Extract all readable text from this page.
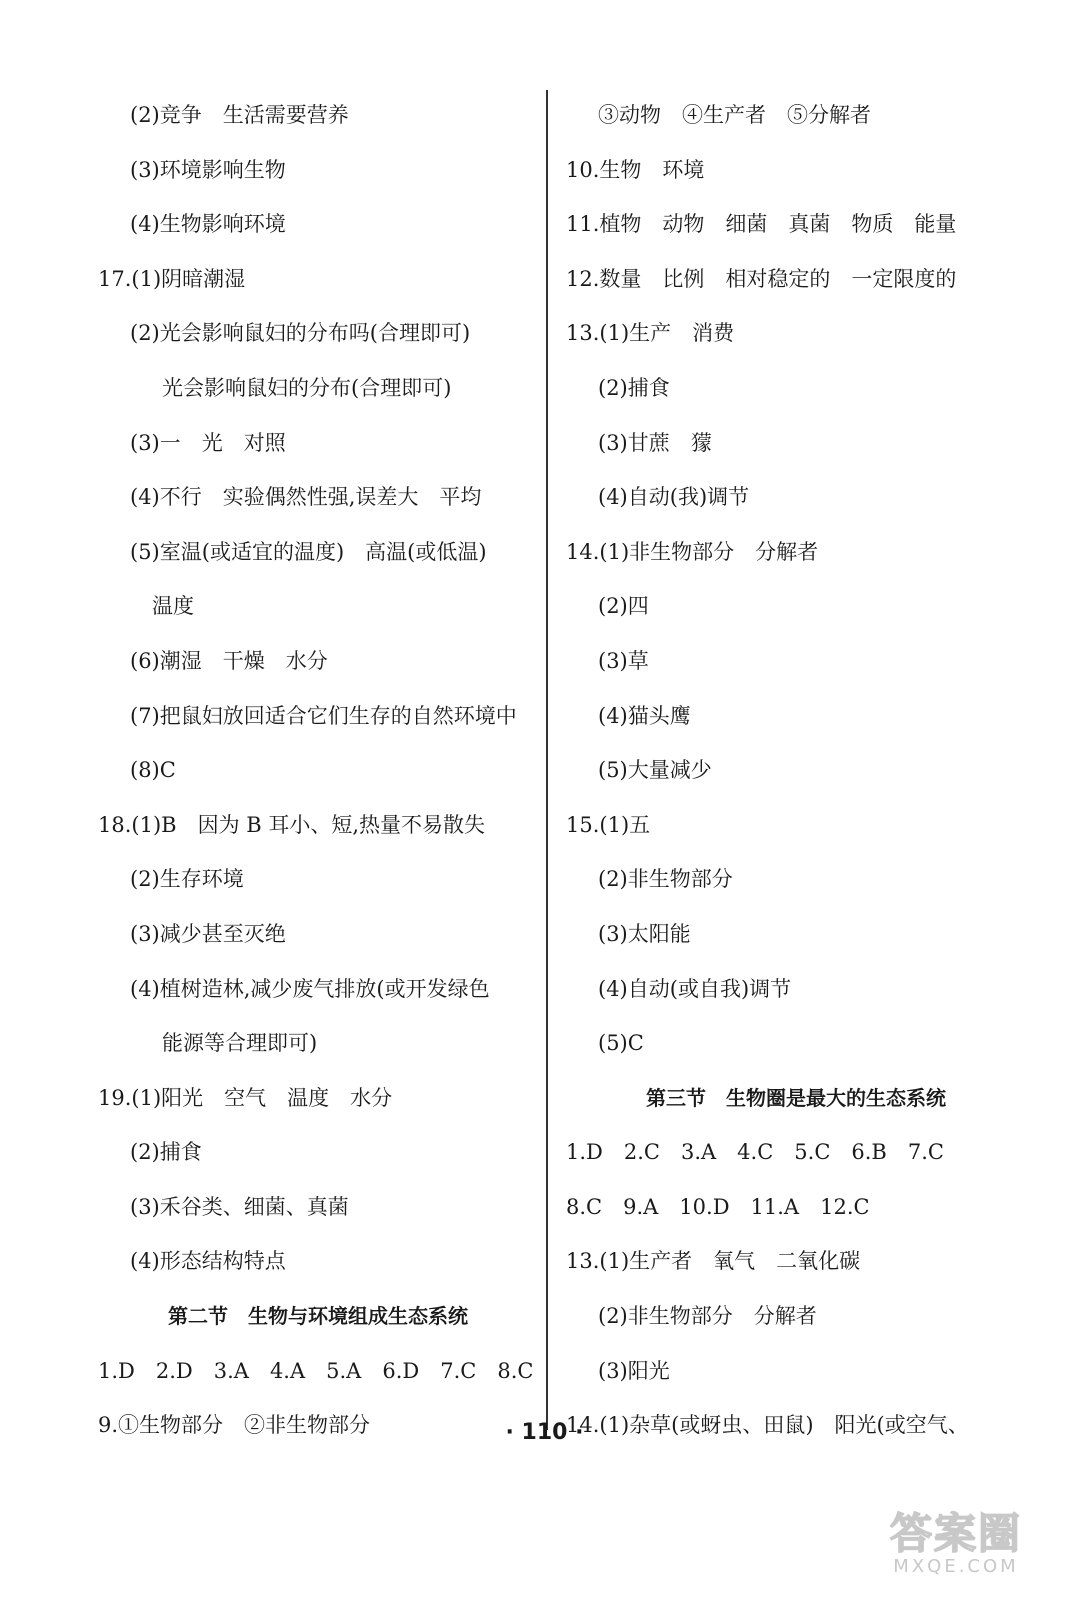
(2)竞争　生活需要营养
(3)环境影响生物
(4)生物影响环境
17.(1)阴暗潮湿
(2)光会影响鼠妇的分布吗(合理即可)
光会影响鼠妇的分布(合理即可)
(3)一　光　对照
(4)不行　实验偶然性强,误差大　平均
(5)室温(或适宜的温度)　高温(或低温)
温度
(6)潮湿　干燥　水分
(7)把鼠妇放回适合它们生存的自然环境中
(8)C
18.(1)B　因为 B 耳小、短,热量不易散失
(2)生存环境
(3)减少甚至灭绝
(4)植树造林,减少废气排放(或开发绿色
能源等合理即可)
19.(1)阳光　空气　温度　水分
(2)捕食
(3)禾谷类、细菌、真菌
(4)形态结构特点
第二节　生物与环境组成生态系统
1.D　2.D　3.A　4.A　5.A　6.D　7.C　8.C
9.①生物部分　②非生物部分
③动物　④生产者　⑤分解者
10.生物　环境
11.植物　动物　细菌　真菌　物质　能量
12.数量　比例　相对稳定的　一定限度的
13.(1)生产　消费
(2)捕食
(3)甘蔗　獴
(4)自动(我)调节
14.(1)非生物部分　分解者
(2)四
(3)草
(4)猫头鹰
(5)大量减少
15.(1)五
(2)非生物部分
(3)太阳能
(4)自动(或自我)调节
(5)C
第三节　生物圈是最大的生态系统
1.D　2.C　3.A　4.C　5.C　6.B　7.C
8.C　9.A　10.D　11.A　12.C
13.(1)生产者　氧气　二氧化碳
(2)非生物部分　分解者
(3)阳光
14.(1)杂草(或蚜虫、田鼠)　阳光(或空气、
· 110 ·
答案圈
MXQE.COM
